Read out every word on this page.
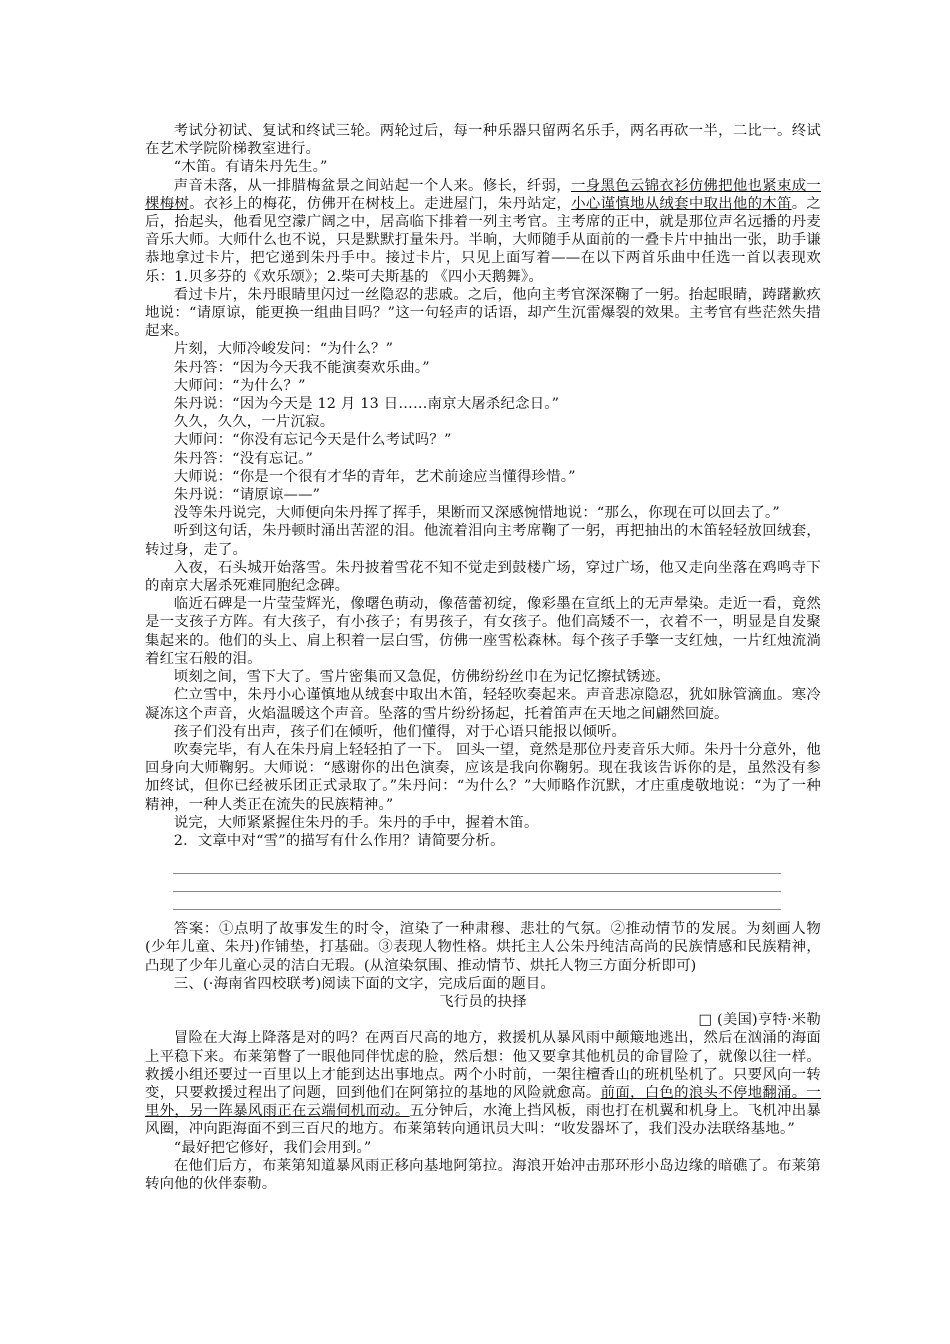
考试分初试、复试和终试三轮。两轮过后，每一种乐器只留两名乐手，两名再砍一半，二比一。终试在艺术学院阶梯教室进行。

“木笛。有请朱丹先生。”

声音未落，从一排腊梅盆景之间站起一个人来。修长，纤弱，一身黑色云锦衣衫仿佛把他也紧束成一棵梅树。衣衫上的梅花，仿佛开在树枝上。走进屋门，朱丹站定，小心谨慎地从绒套中取出他的木笛。之后，抬起头，他看见空濛广阔之中，居高临下排着一列主考官。主考席的正中，就是那位声名远播的丹麦音乐大师。大师什么也不说，只是默默打量朱丹。半晌，大师随手从面前的一叠卡片中抽出一张，助手谦恭地拿过卡片，把它递到朱丹手中。接过卡片，只见上面写着——在以下两首乐曲中任选一首以表现欢乐：1.贝多芬的《欢乐颂》；2.柴可夫斯基的 《四小天鹅舞》。

看过卡片，朱丹眼睛里闪过一丝隐忍的悲戚。之后，他向主考官深深鞠了一躬。抬起眼睛，踌躇歉疚地说：“请原谅，能更换一组曲目吗？”这一句轻声的话语，却产生沉雷爆裂的效果。主考官有些茫然失措起来。

片刻，大师冷峻发问：“为什么？”

朱丹答：“因为今天我不能演奏欢乐曲。”

大师问：“为什么？”

朱丹说：“因为今天是 12 月 13 日……南京大屠杀纪念日。”

久久，久久，一片沉寂。

大师问：“你没有忘记今天是什么考试吗？”

朱丹答：“没有忘记。”

大师说：“你是一个很有才华的青年，艺术前途应当懂得珍惜。”

朱丹说：“请原谅——”

没等朱丹说完，大师便向朱丹挥了挥手，果断而又深感惋惜地说：“那么，你现在可以回去了。”

听到这句话，朱丹顿时涌出苦涩的泪。他流着泪向主考席鞠了一躬，再把抽出的木笛轻轻放回绒套，转过身，走了。

入夜，石头城开始落雪。朱丹披着雪花不知不觉走到鼓楼广场，穿过广场，他又走向坐落在鸡鸣寺下的南京大屠杀死难同胞纪念碑。

临近石碑是一片莹莹辉光，像曙色萌动，像蓓蕾初绽，像彩墨在宣纸上的无声晕染。走近一看，竟然是一支孩子方阵。有大孩子，有小孩子；有男孩子，有女孩子。他们高矮不一，衣着不一，明显是自发聚集起来的。他们的头上、肩上积着一层白雪，仿佛一座雪松森林。每个孩子手擎一支红烛，一片红烛流淌着红宝石般的泪。

顷刻之间，雪下大了。雪片密集而又急促，仿佛纷纷丝巾在为记忆擦拭锈迹。

伫立雪中，朱丹小心谨慎地从绒套中取出木笛，轻轻吹奏起来。声音悲凉隐忍，犹如脉管滴血。寒冷凝冻这个声音，火焰温暖这个声音。坠落的雪片纷纷扬起，托着笛声在天地之间翩然回旋。

孩子们没有出声，孩子们在倾听，他们懂得，对于心语只能报以倾听。

吹奏完毕，有人在朱丹肩上轻轻拍了一下。 回头一望，竟然是那位丹麦音乐大师。朱丹十分意外，他回身向大师鞠躬。大师说：“感谢你的出色演奏，应该是我向你鞠躬。现在我该告诉你的是，虽然没有参加终试，但你已经被乐团正式录取了。”朱丹问：“为什么？”大师略作沉默，才庄重虔敬地说：“为了一种精神，一种人类正在流失的民族精神。”

说完，大师紧紧握住朱丹的手。朱丹的手中，握着木笛。

2．文章中对“雪”的描写有什么作用？请简要分析。

答案：①点明了故事发生的时令，渲染了一种肃穆、悲壮的气氛。②推动情节的发展。为刻画人物(少年儿童、朱丹)作铺垫，打基础。③表现人物性格。烘托主人公朱丹纯洁高尚的民族情感和民族精神，凸现了少年儿童心灵的洁白无瑕。(从渲染氛围、推动情节、烘托人物三方面分析即可)

三、(·海南省四校联考)阅读下面的文字，完成后面的题目。

飞行员的抉择

□ (美国)亨特·米勒

冒险在大海上降落是对的吗？在两百尺高的地方，救援机从暴风雨中颠簸地逃出，然后在汹涌的海面上平稳下来。布莱第瞥了一眼他同伴忧虑的脸，然后想：他又要拿其他机员的命冒险了，就像以往一样。救援小组还要过一百里以上才能到达出事地点。两个小时前，一架往檀香山的班机坠机了。只要风向一转变，只要救援过程出了问题，回到他们在阿第拉的基地的风险就愈高。前面，白色的浪头不停地翻涌。一里外，另一阵暴风雨正在云端伺机而动。五分钟后，水淹上挡风板，雨也打在机翼和机身上。飞机冲出暴风圈，冲向距海面不到三百尺的地方。布莱第转向通讯员大叫：“收发器坏了，我们没办法联络基地。”

“最好把它修好，我们会用到。”

在他们后方，布莱第知道暴风雨正移向基地阿第拉。海浪开始冲击那环形小岛边缘的暗礁了。布莱第转向他的伙伴泰勒。
